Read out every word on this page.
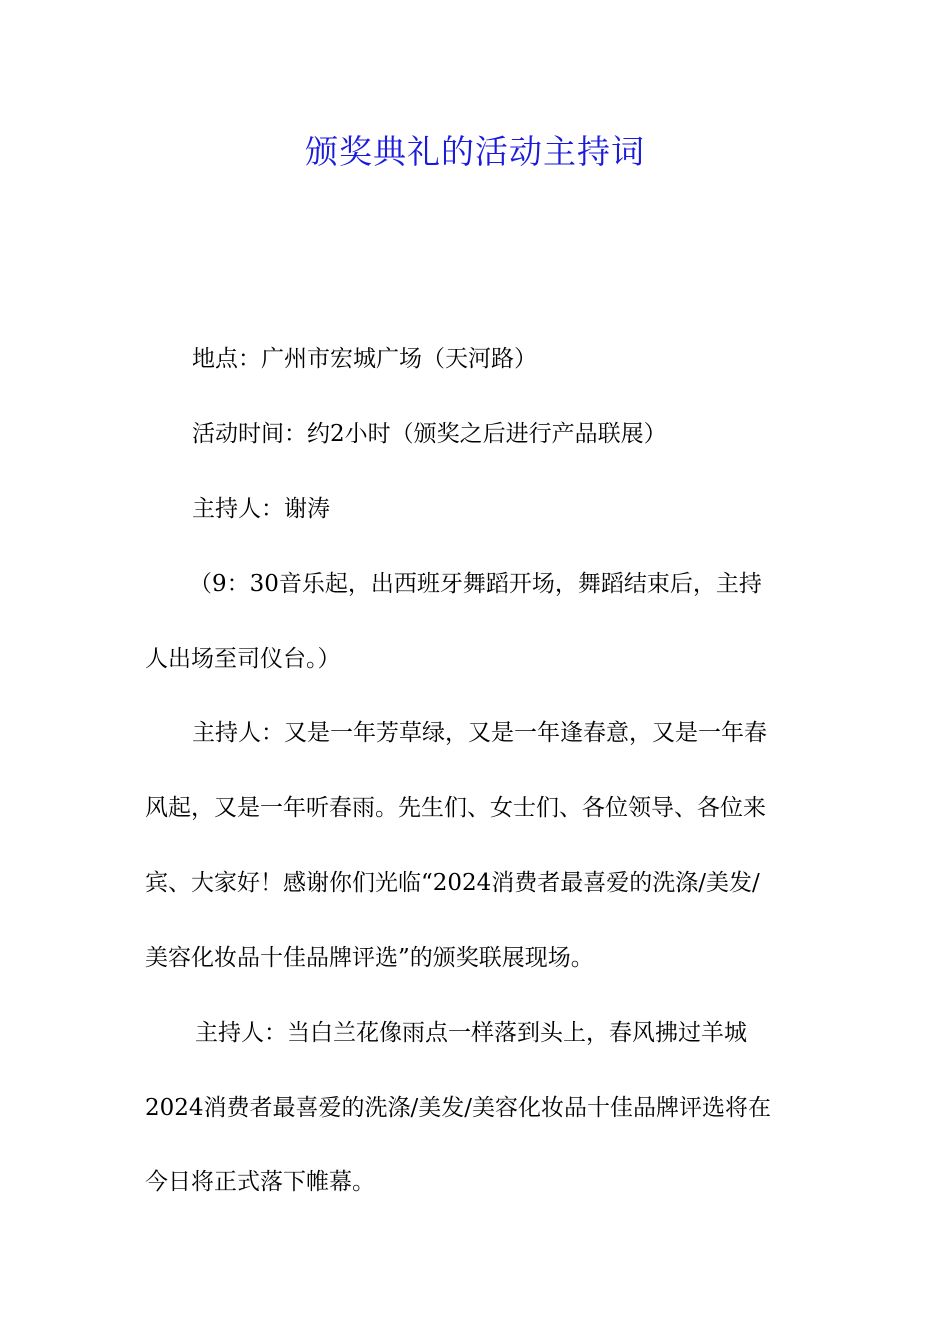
颁奖典礼的活动主持词

地点：广州市宏城广场（天河路）

活动时间：约2小时（颁奖之后进行产品联展）

主持人：谢涛

（9：30音乐起，出西班牙舞蹈开场，舞蹈结束后，主持

人出场至司仪台。）

主持人：又是一年芳草绿，又是一年逢春意，又是一年春

风起，又是一年听春雨。先生们、女士们、各位领导、各位来

宾、大家好！感谢你们光临“2024消费者最喜爱的洗涤/美发/

美容化妆品十佳品牌评选”的颁奖联展现场。

主持人：当白兰花像雨点一样落到头上，春风拂过羊城

2024消费者最喜爱的洗涤/美发/美容化妆品十佳品牌评选将在

今日将正式落下帷幕。
